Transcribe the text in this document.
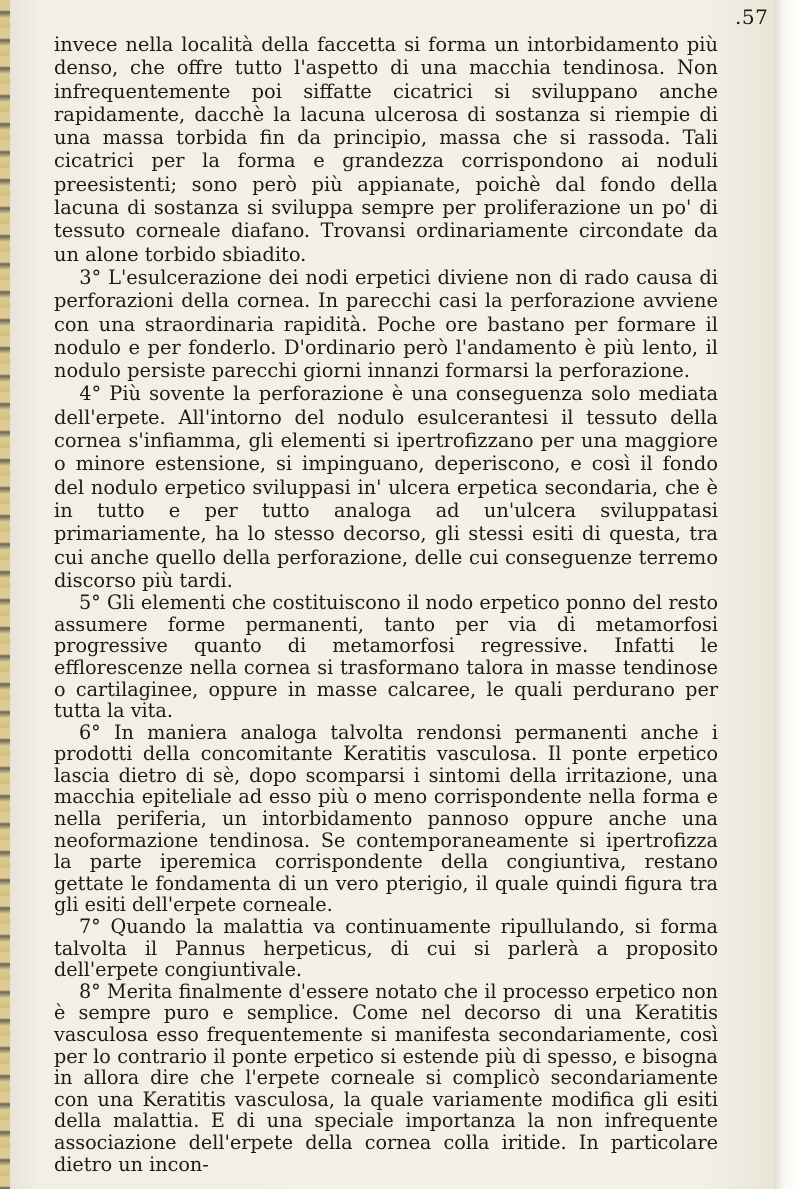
.57

invece nella località della faccetta si forma un intorbidamento più denso, che offre tutto l'aspetto di una macchia tendinosa. Non infrequentemente poi siffatte cicatrici si sviluppano anche rapidamente, dacchè la lacuna ulcerosa di sostanza si riempie di una massa torbida fin da principio, massa che si rassoda. Tali cicatrici per la forma e grandezza corrispondono ai noduli preesistenti; sono però più appianate, poichè dal fondo della lacuna di sostanza si sviluppa sempre per proliferazione un po' di tessuto corneale diafano. Trovansi ordinariamente circondate da un alone torbido sbiadito.

3° L'esulcerazione dei nodi erpetici diviene non di rado causa di perforazioni della cornea. In parecchi casi la perforazione avviene con una straordinaria rapidità. Poche ore bastano per formare il nodulo e per fonderlo. D'ordinario però l'andamento è più lento, il nodulo persiste parecchi giorni innanzi formarsi la perforazione.

4° Più sovente la perforazione è una conseguenza solo mediata dell'erpete. All'intorno del nodulo esulcerantesi il tessuto della cornea s'infiamma, gli elementi si ipertrofizzano per una maggiore o minore estensione, si impinguano, deperiscono, e così il fondo del nodulo erpetico sviluppasi in' ulcera erpetica secondaria, che è in tutto e per tutto analoga ad un'ulcera sviluppatasi primariamente, ha lo stesso decorso, gli stessi esiti di questa, tra cui anche quello della perforazione, delle cui conseguenze terremo discorso più tardi.

5° Gli elementi che costituiscono il nodo erpetico ponno del resto assumere forme permanenti, tanto per via di metamorfosi progressive quanto di metamorfosi regressive. Infatti le efflorescenze nella cornea si trasformano talora in masse tendinose o cartilaginee, oppure in masse calcaree, le quali perdurano per tutta la vita.

6° In maniera analoga talvolta rendonsi permanenti anche i prodotti della concomitante Keratitis vasculosa. Il ponte erpetico lascia dietro di sè, dopo scomparsi i sintomi della irritazione, una macchia epiteliale ad esso più o meno corrispondente nella forma e nella periferia, un intorbidamento pannoso oppure anche una neoformazione tendinosa. Se contemporaneamente si ipertrofizza la parte iperemica corrispondente della congiuntiva, restano gettate le fondamenta di un vero pterigio, il quale quindi figura tra gli esiti dell'erpete corneale.

7° Quando la malattia va continuamente ripullulando, si forma talvolta il Pannus herpeticus, di cui si parlerà a proposito dell'erpete congiuntivale.

8° Merita finalmente d'essere notato che il processo erpetico non è sempre puro e semplice. Come nel decorso di una Keratitis vasculosa esso frequentemente si manifesta secondariamente, così per lo contrario il ponte erpetico si estende più di spesso, e bisogna in allora dire che l'erpete corneale si complicò secondariamente con una Keratitis vasculosa, la quale variamente modifica gli esiti della malattia. E di una speciale importanza la non infrequente associazione dell'erpete della cornea colla iritide. In particolare dietro un incon-
